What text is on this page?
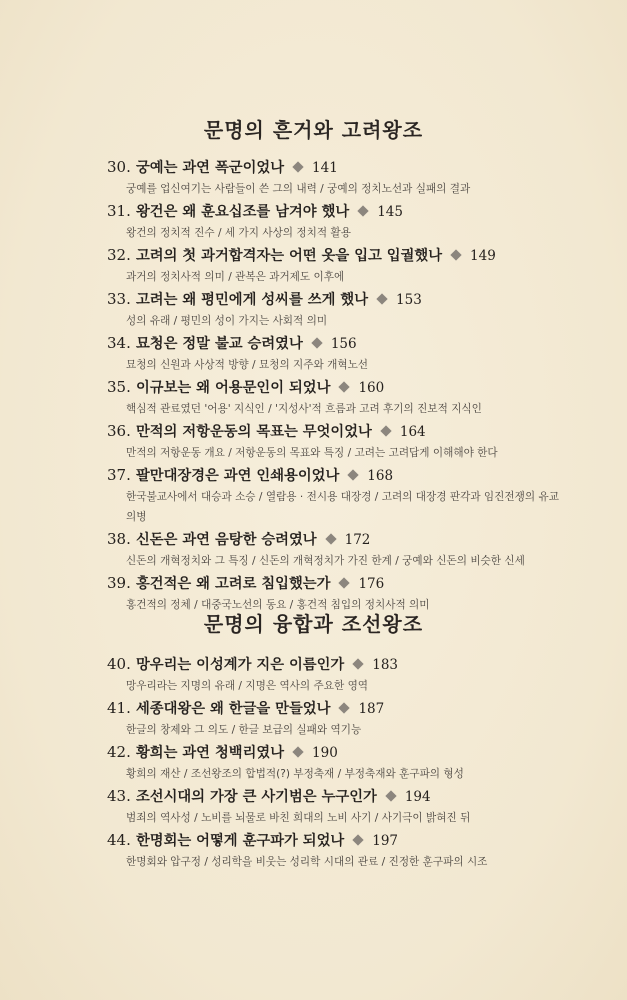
문명의 흔거와 고려왕조
30. 궁예는 과연 폭군이었나 141
궁예를 업신여기는 사람들이 쓴 그의 내력 / 궁예의 정치노선과 실패의 결과
31. 왕건은 왜 훈요십조를 남겨야 했나 145
왕건의 정치적 진수 / 세 가지 사상의 정치적 활용
32. 고려의 첫 과거합격자는 어떤 옷을 입고 입궐했나 149
과거의 정치사적 의미 / 관복은 과거제도 이후에
33. 고려는 왜 평민에게 성씨를 쓰게 했나 153
성의 유래 / 평민의 성이 가지는 사회적 의미
34. 묘청은 정말 불교 승려였나 156
묘청의 신원과 사상적 방향 / 묘청의 지주와 개혁노선
35. 이규보는 왜 어용문인이 되었나 160
핵심적 관료였던 '어용' 지식인 / '지성사'적 흐름과 고려 후기의 진보적 지식인
36. 만적의 저항운동의 목표는 무엇이었나 164
만적의 저항운동 개요 / 저항운동의 목표와 특징 / 고려는 고려답게 이해해야 한다
37. 팔만대장경은 과연 인쇄용이었나 168
한국불교사에서 대승과 소승 / 열람용 · 전시용 대장경 / 고려의 대장경 판각과 임진전쟁의 유교 의병
38. 신돈은 과연 음탕한 승려였나 172
신돈의 개혁정치와 그 특징 / 신돈의 개혁정치가 가진 한계 / 궁예와 신돈의 비슷한 신세
39. 홍건적은 왜 고려로 침입했는가 176
홍건적의 정체 / 대중국노선의 동요 / 홍건적 침입의 정치사적 의미
문명의 융합과 조선왕조
40. 망우리는 이성계가 지은 이름인가 183
망우리라는 지명의 유래 / 지명은 역사의 주요한 영역
41. 세종대왕은 왜 한글을 만들었나 187
한글의 창제와 그 의도 / 한글 보급의 실패와 역기능
42. 황희는 과연 청백리였나 190
황희의 재산 / 조선왕조의 합법적(?) 부정축재 / 부정축재와 훈구파의 형성
43. 조선시대의 가장 큰 사기범은 누구인가 194
범죄의 역사성 / 노비를 뇌물로 바친 희대의 노비 사기 / 사기극이 밝혀진 뒤
44. 한명회는 어떻게 훈구파가 되었나 197
한명회와 압구정 / 성리학을 비웃는 성리학 시대의 관료 / 진정한 훈구파의 시조
